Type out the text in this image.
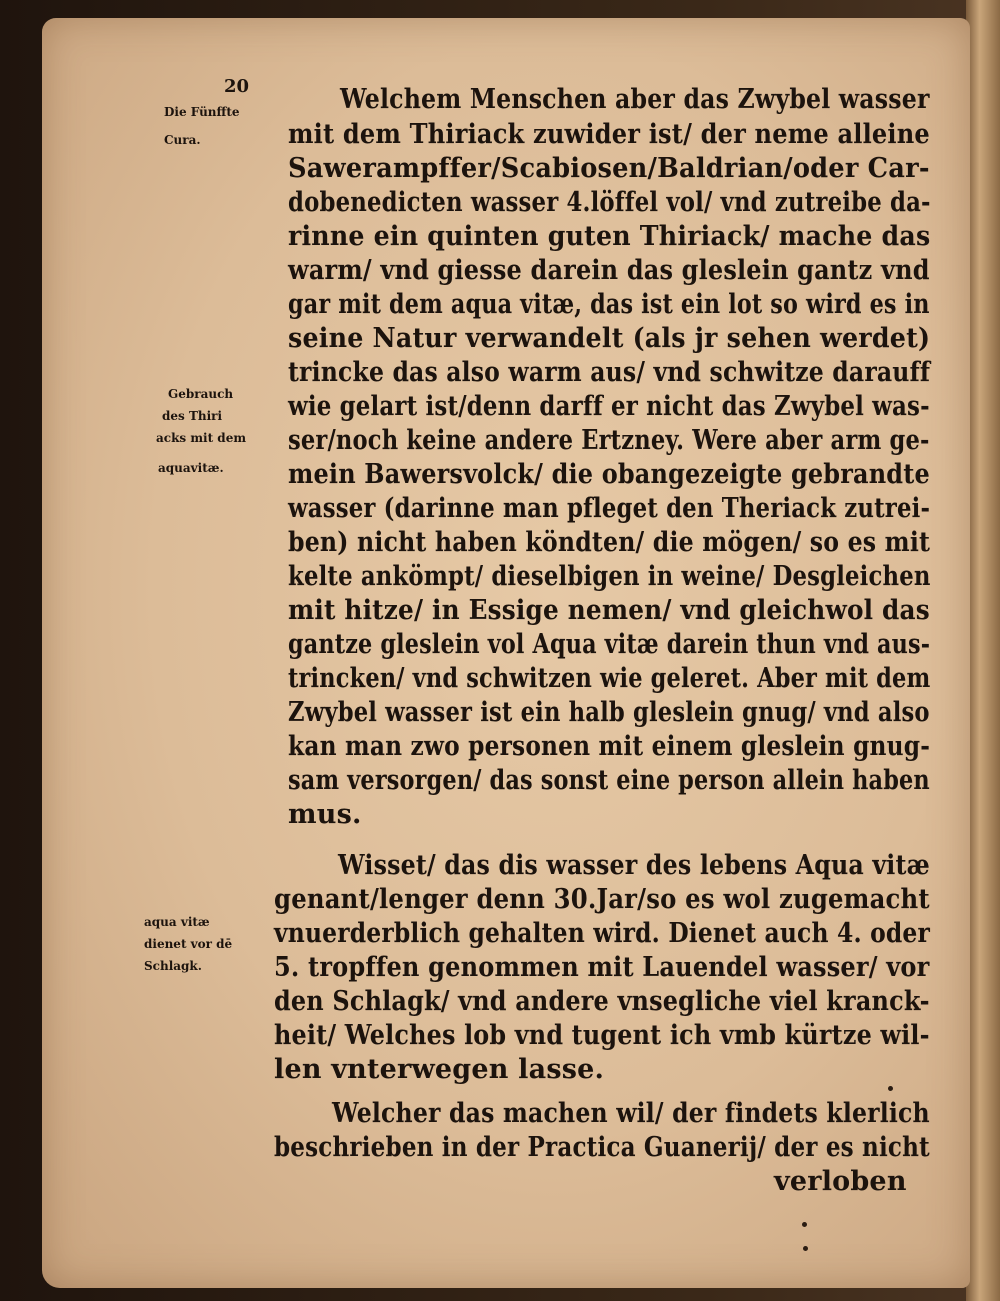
20
Die Fünffte
Cura.
Welchem Menschen aber das Zwybel wasser
mit dem Thiriack zuwider ist/ der neme alleine
Sawerampffer/Scabiosen/Baldrian/oder Car-
dobenedicten wasser 4.löffel vol/ vnd zutreibe da-
rinne ein quinten guten Thiriack/ mache das
warm/ vnd giesse darein das gleslein gantz vnd
gar mit dem aqua vitæ, das ist ein lot so wird es in
seine Natur verwandelt (als jr sehen werdet)
trincke das also warm aus/ vnd schwitze darauff
wie gelart ist/denn darff er nicht das Zwybel was-
ser/noch keine andere Ertzney. Were aber arm ge-
mein Bawersvolck/ die obangezeigte gebrandte
wasser (darinne man pfleget den Theriack zutrei-
ben) nicht haben köndten/ die mögen/ so es mit
kelte ankömpt/ dieselbigen in weine/ Desgleichen
mit hitze/ in Essige nemen/ vnd gleichwol das
gantze gleslein vol Aqua vitæ darein thun vnd aus-
trincken/ vnd schwitzen wie geleret. Aber mit dem
Zwybel wasser ist ein halb gleslein gnug/ vnd also
kan man zwo personen mit einem gleslein gnug-
sam versorgen/ das sonst eine person allein haben
mus.
Gebrauch
des Thiri
acks mit dem
aquavitæ.
Wisset/ das dis wasser des lebens Aqua vitæ
genant/lenger denn 30.Jar/so es wol zugemacht
vnuerderblich gehalten wird. Dienet auch 4. oder
5. tropffen genommen mit Lauendel wasser/ vor
den Schlagk/ vnd andere vnsegliche viel kranck-
heit/ Welches lob vnd tugent ich vmb kürtze wil-
len vnterwegen lasse.
aqua vitæ
dienet vor dē
Schlagk.
Welcher das machen wil/ der findets klerlich
beschrieben in der Practica Guanerij/ der es nicht
verloben
